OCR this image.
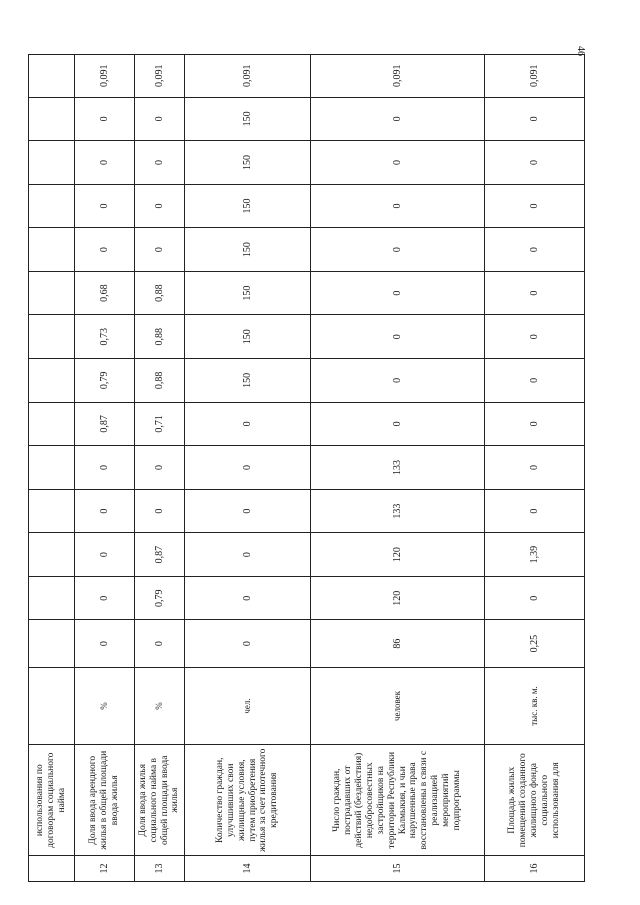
46
	использования по договорам социального найма															
12	Доля ввода арендного жилья в общей площади ввода жилья	%	0	0	0	0	0	0,87	0,79	0,73	0,68	0	0	0	0	0,091
13	Доля ввода жилья социального найма в общей площади ввода жилья	%	0	0,79	0,87	0	0	0,71	0,88	0,88	0,88	0	0	0	0	0,091
14	Количество граждан, улучшивших свои жилищные условия, путем приобретения жилья за счет ипотечного кредитования	чел.	0	0	0	0	0	0	150	150	150	150	150	150	150	0,091
15	Число граждан, пострадавших от действий (бездействия) недобросовестных застройщиков на территории Республики Калмыкия, и чьи нарушенные права восстановлены в связи с реализацией мероприятий подпрограммы	человек	86	120	120	133	133	0	0	0	0	0	0	0	0	0,091
16	Площадь жилых помещений созданного жилищного фонда социального использования для	тыс. кв. м.	0,25	0	1,39	0	0	0	0	0	0	0	0	0	0	0,091
